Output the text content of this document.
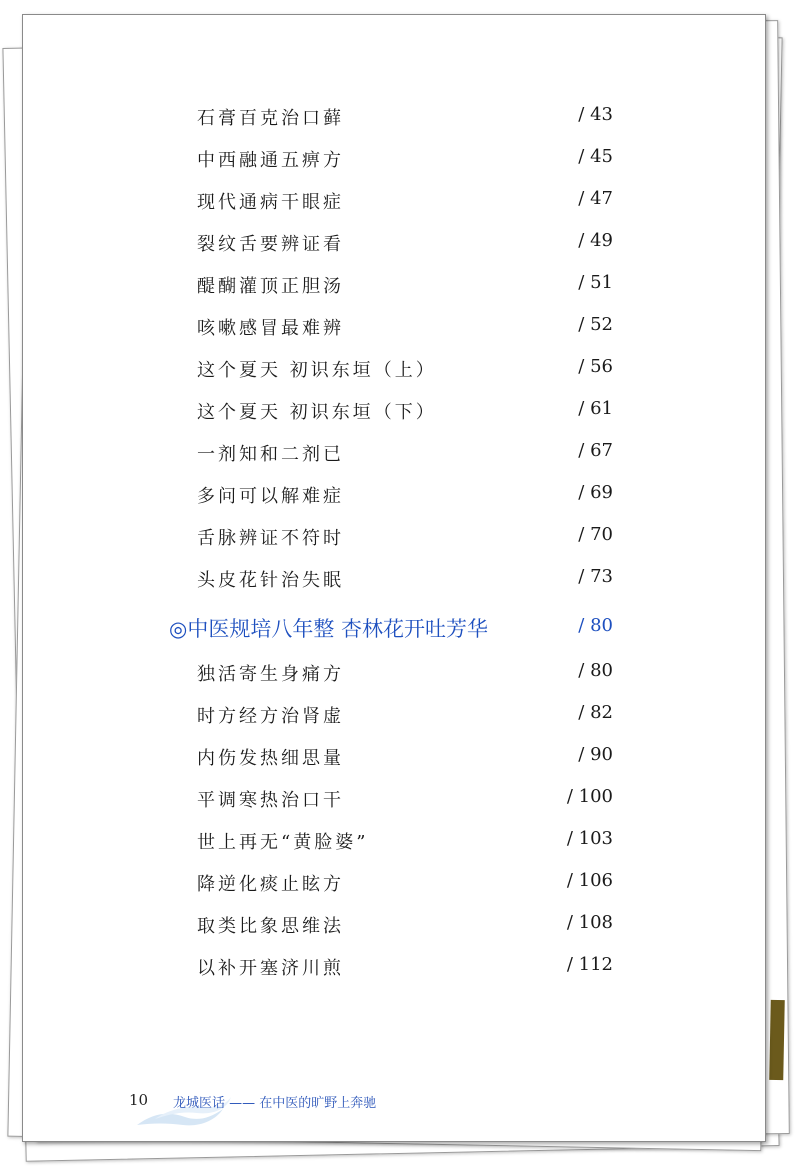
石膏百克治口藓	/ 43
中西融通五痹方	/ 45
现代通病干眼症	/ 47
裂纹舌要辨证看	/ 49
醍醐灌顶正胆汤	/ 51
咳嗽感冒最难辨	/ 52
这个夏天 初识东垣（上）	/ 56
这个夏天 初识东垣（下）	/ 61
一剂知和二剂已	/ 67
多问可以解难症	/ 69
舌脉辨证不符时	/ 70
头皮花针治失眠	/ 73
◎中医规培八年整 杏林花开吐芳华	/ 80
独活寄生身痛方	/ 80
时方经方治肾虚	/ 82
内伤发热细思量	/ 90
平调寒热治口干	/ 100
世上再无“黄脸婆”	/ 103
降逆化痰止眩方	/ 106
取类比象思维法	/ 108
以补开塞济川煎	/ 112
10 龙城医话 —— 在中医的旷野上奔驰
